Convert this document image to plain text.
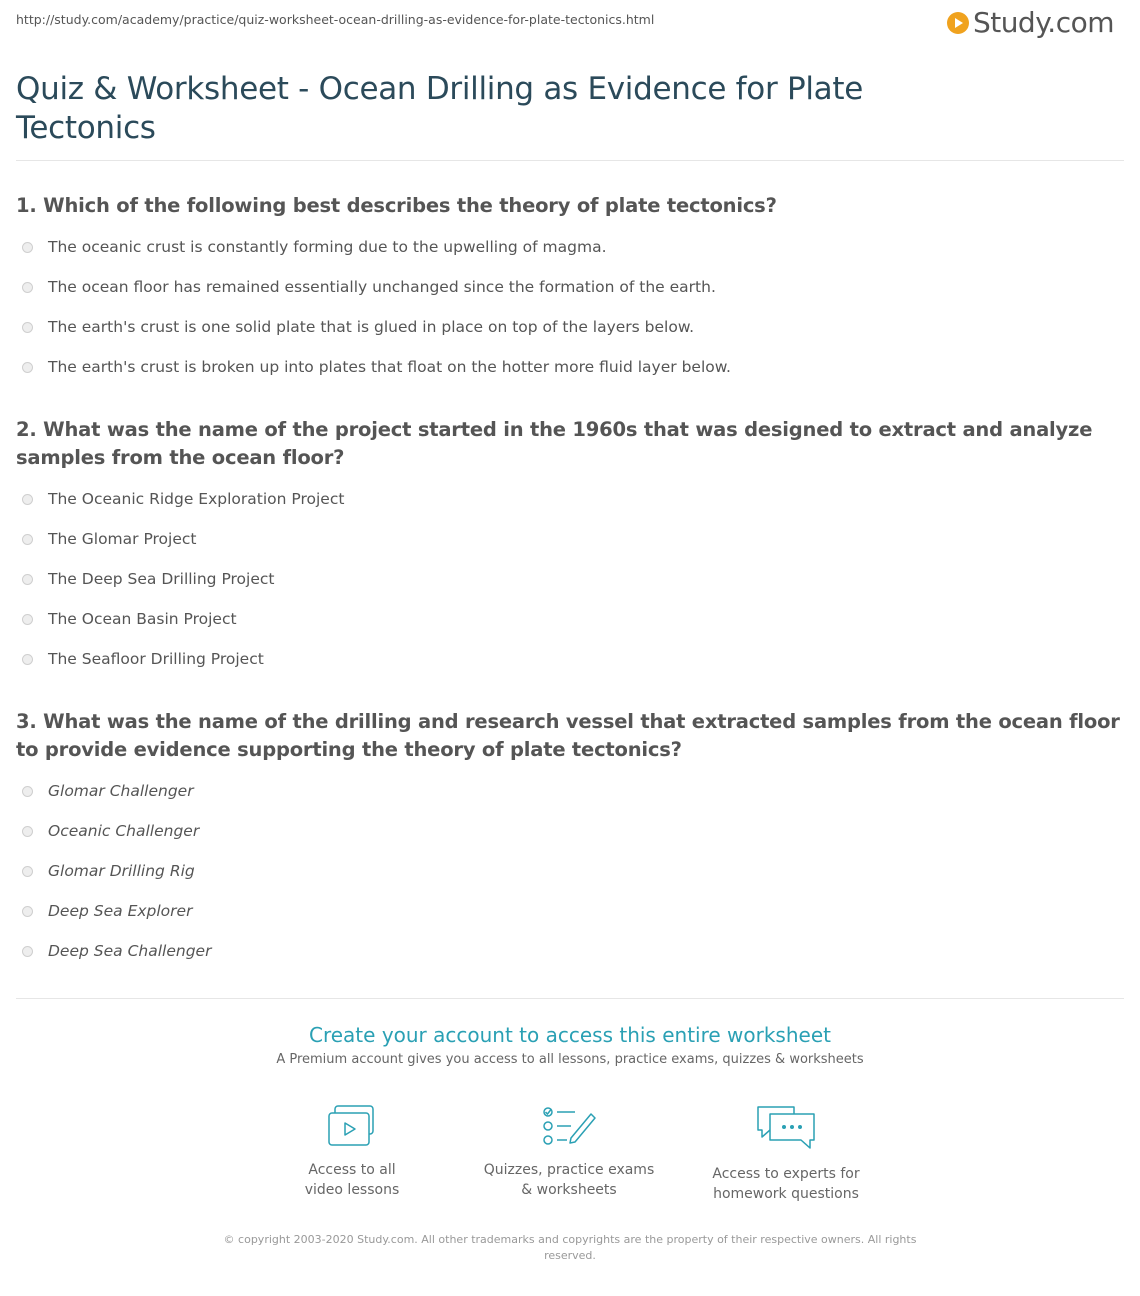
http://study.com/academy/practice/quiz-worksheet-ocean-drilling-as-evidence-for-plate-tectonics.html	Study.com
Quiz & Worksheet - Ocean Drilling as Evidence for Plate Tectonics
1. Which of the following best describes the theory of plate tectonics?
The oceanic crust is constantly forming due to the upwelling of magma.
The ocean floor has remained essentially unchanged since the formation of the earth.
The earth's crust is one solid plate that is glued in place on top of the layers below.
The earth's crust is broken up into plates that float on the hotter more fluid layer below.
2. What was the name of the project started in the 1960s that was designed to extract and analyze samples from the ocean floor?
The Oceanic Ridge Exploration Project
The Glomar Project
The Deep Sea Drilling Project
The Ocean Basin Project
The Seafloor Drilling Project
3. What was the name of the drilling and research vessel that extracted samples from the ocean floor to provide evidence supporting the theory of plate tectonics?
Glomar Challenger
Oceanic Challenger
Glomar Drilling Rig
Deep Sea Explorer
Deep Sea Challenger
Create your account to access this entire worksheet
A Premium account gives you access to all lessons, practice exams, quizzes & worksheets
Access to all
video lessons
Quizzes, practice exams
& worksheets
Access to experts for
homework questions
© copyright 2003-2020 Study.com. All other trademarks and copyrights are the property of their respective owners. All rights reserved.
